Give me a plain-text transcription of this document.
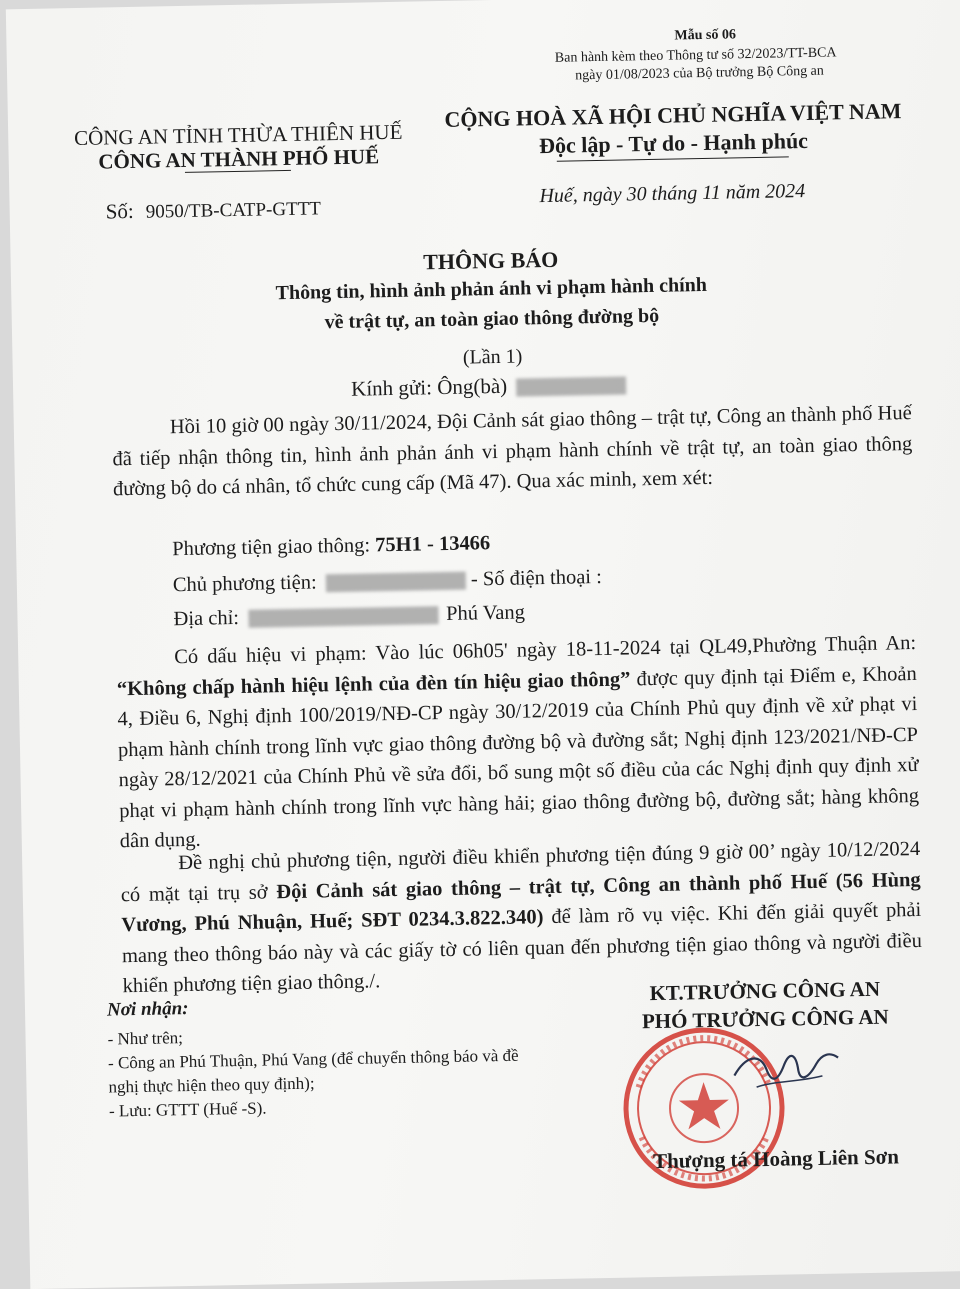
Mẫu số 06
Ban hành kèm theo Thông tư số 32/2023/TT-BCA
ngày 01/08/2023 của Bộ trưởng Bộ Công an
CÔNG AN TỈNH THỪA THIÊN HUẾ
CÔNG AN THÀNH PHỐ HUẾ
CỘNG HOÀ XÃ HỘI CHỦ NGHĨA VIỆT NAM
Độc lập - Tự do - Hạnh phúc
Số: 9050/TB-CATP-GTTT
Huế, ngày 30 tháng 11 năm 2024
THÔNG BÁO
Thông tin, hình ảnh phản ánh vi phạm hành chính
về trật tự, an toàn giao thông đường bộ
(Lần 1)
Kính gửi: Ông(bà)
Hồi 10 giờ 00 ngày 30/11/2024, Đội Cảnh sát giao thông – trật tự, Công an thành phố Huế đã tiếp nhận thông tin, hình ảnh phản ánh vi phạm hành chính về trật tự, an toàn giao thông đường bộ do cá nhân, tổ chức cung cấp (Mã 47). Qua xác minh, xem xét:
Phương tiện giao thông: 75H1 - 13466
Chủ phương tiện:	- Số điện thoại :
Địa chỉ:	Phú Vang
Có dấu hiệu vi phạm: Vào lúc 06h05' ngày 18-11-2024 tại QL49,Phường Thuận An: “Không chấp hành hiệu lệnh của đèn tín hiệu giao thông” được quy định tại Điểm e, Khoản 4, Điều 6, Nghị định 100/2019/NĐ-CP ngày 30/12/2019 của Chính Phủ quy định về xử phạt vi phạm hành chính trong lĩnh vực giao thông đường bộ và đường sắt; Nghị định 123/2021/NĐ-CP ngày 28/12/2021 của Chính Phủ về sửa đổi, bổ sung một số điều của các Nghị định quy định xử phạt vi phạm hành chính trong lĩnh vực hàng hải; giao thông đường bộ, đường sắt; hàng không dân dụng.
Đề nghị chủ phương tiện, người điều khiển phương tiện đúng 9 giờ 00’ ngày 10/12/2024 có mặt tại trụ sở Đội Cảnh sát giao thông – trật tự, Công an thành phố Huế (56 Hùng Vương, Phú Nhuận, Huế; SĐT 0234.3.822.340) để làm rõ vụ việc. Khi đến giải quyết phải mang theo thông báo này và các giấy tờ có liên quan đến phương tiện giao thông và người điều khiển phương tiện giao thông./.
Nơi nhận:
- Như trên;
- Công an Phú Thuận, Phú Vang (để chuyển thông báo và đề nghị thực hiện theo quy định);
- Lưu: GTTT (Huế -S).
KT.TRƯỞNG CÔNG AN
PHÓ TRƯỞNG CÔNG AN
Thượng tá Hoàng Liên Sơn
